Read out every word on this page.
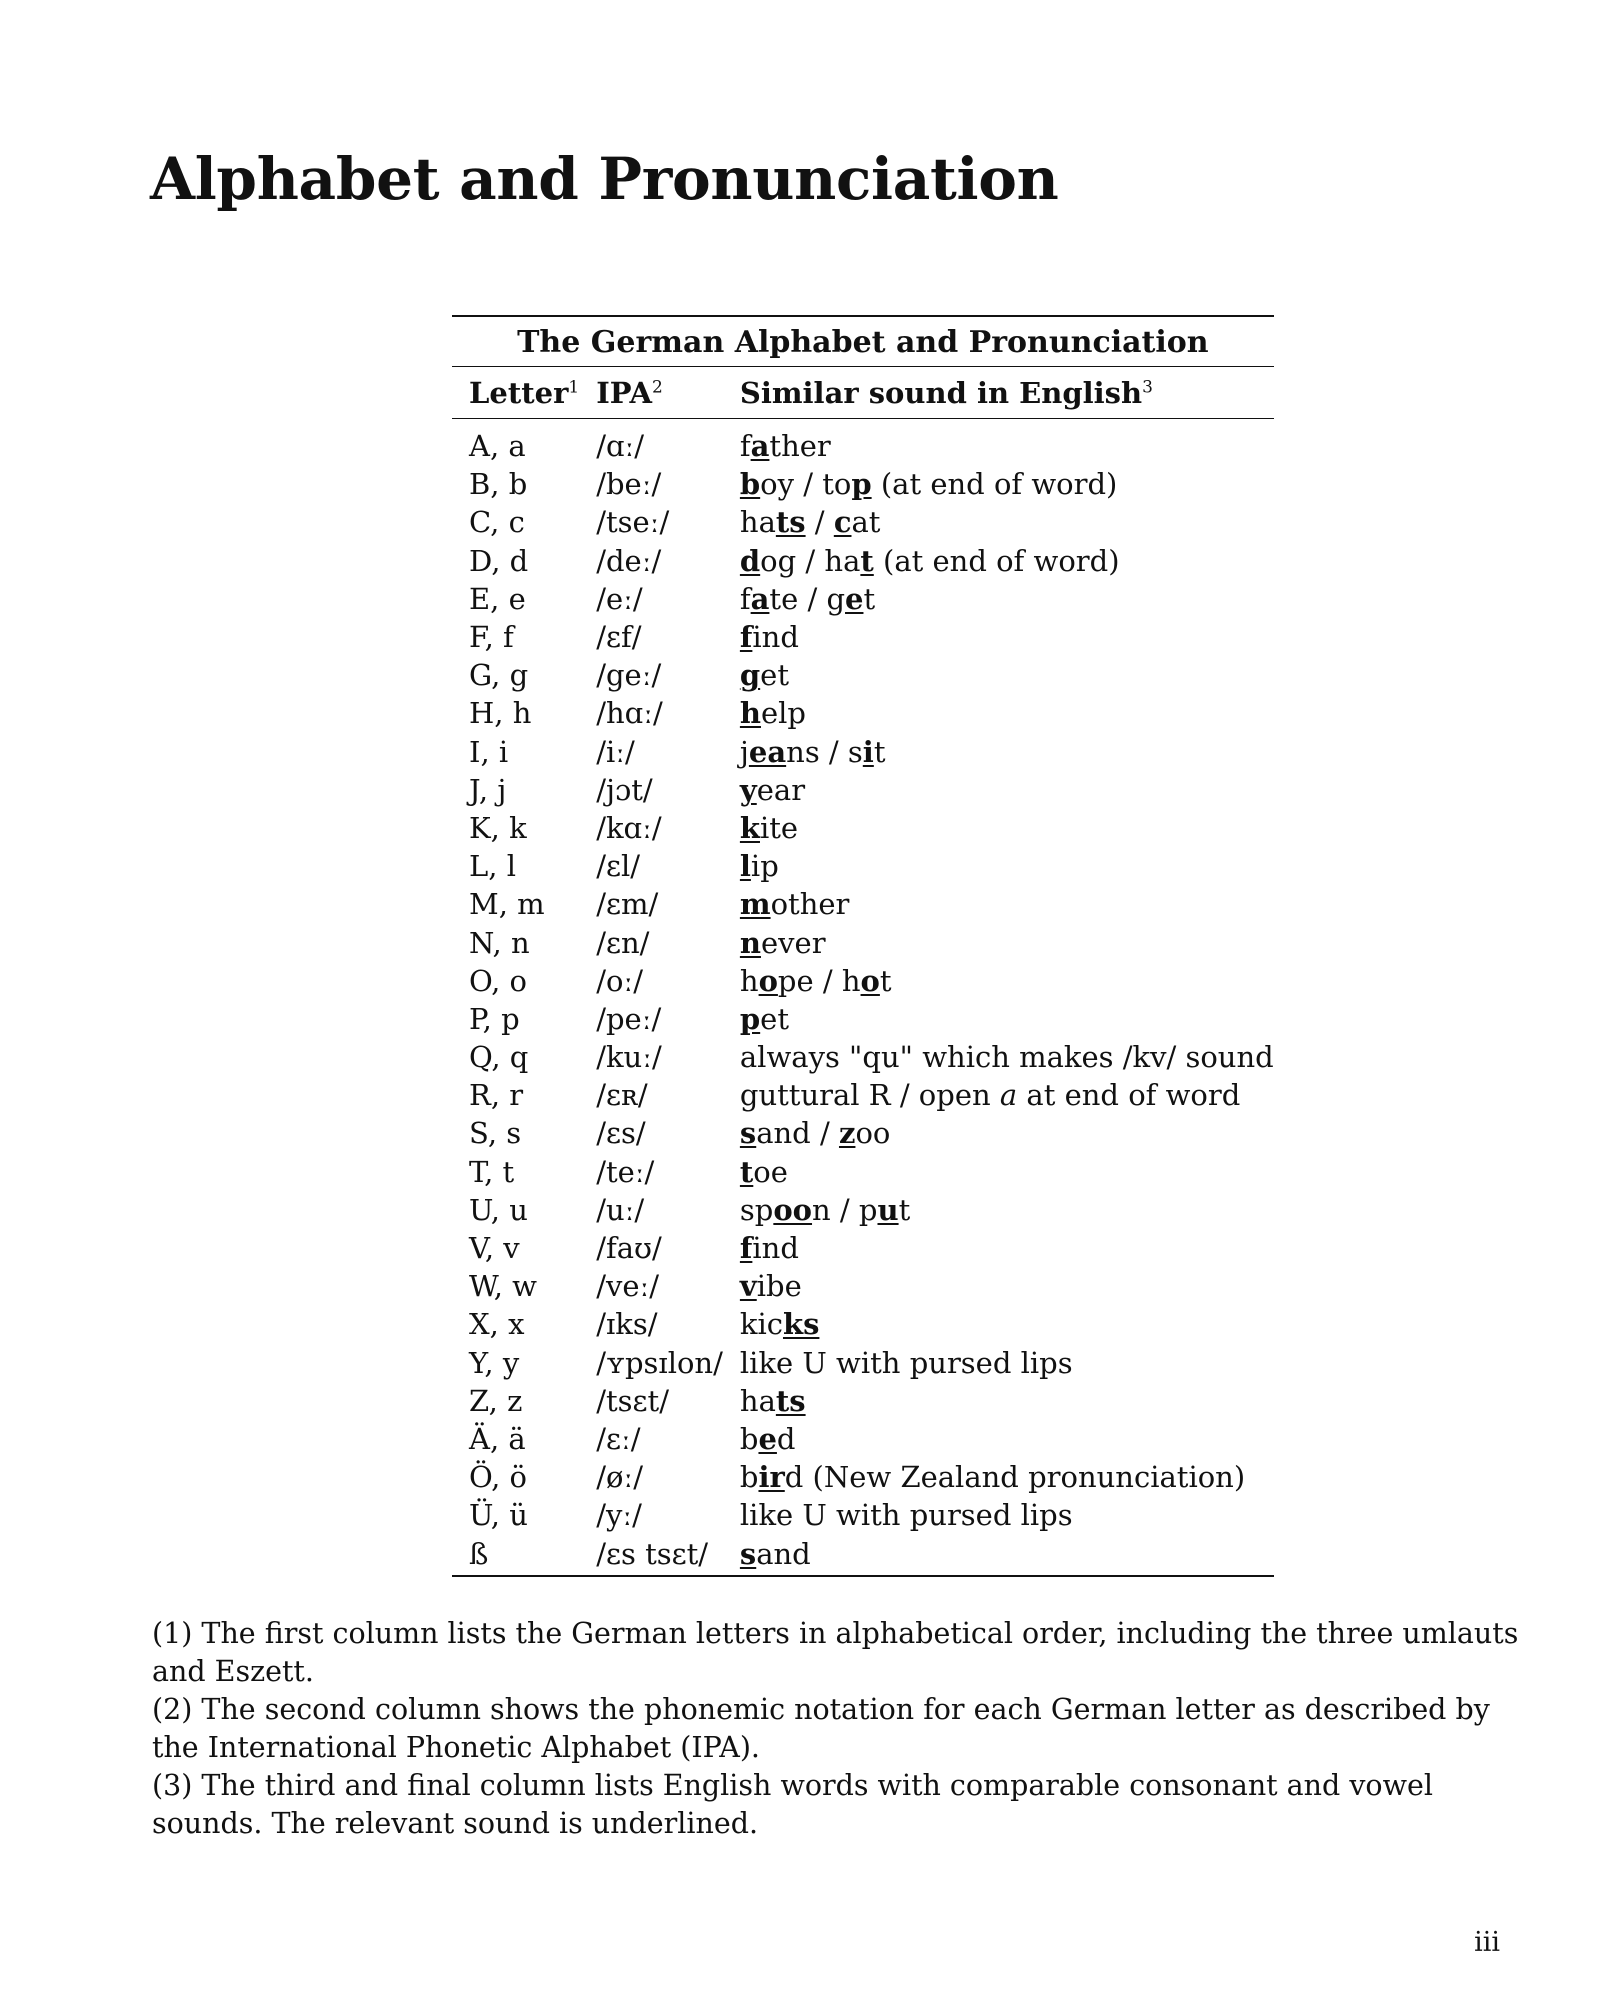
Alphabet and Pronunciation
The German Alphabet and Pronunciation
Letter$^1$	IPA$^2$	Similar sound in English$^3$
A, a	/ɑː/	father
B, b	/beː/	boy / top (at end of word)
C, c	/tseː/	hats / cat
D, d	/deː/	dog / hat (at end of word)
E, e	/eː/	fate / get
F, f	/ɛf/	find
G, g	/geː/	get
H, h	/hɑː/	help
I, i	/iː/	jeans / sit
J, j	/jɔt/	year
K, k	/kɑː/	kite
L, l	/ɛl/	lip
M, m	/ɛm/	mother
N, n	/ɛn/	never
O, o	/oː/	hope / hot
P, p	/peː/	pet
Q, q	/kuː/	always "qu" which makes /kv/ sound
R, r	/ɛʀ/	guttural R / open a at end of word
S, s	/ɛs/	sand / zoo
T, t	/teː/	toe
U, u	/uː/	spoon / put
V, v	/faʊ/	find
W, w	/veː/	vibe
X, x	/ɪks/	kicks
Y, y	/ʏpsɪlon/	like U with pursed lips
Z, z	/tsɛt/	hats
Ä, ä	/ɛː/	bed
Ö, ö	/øː/	bird (New Zealand pronunciation)
Ü, ü	/yː/	like U with pursed lips
ß	/ɛs tsɛt/	sand

(1) The first column lists the German letters in alphabetical order, including the three umlauts and Eszett.

(2) The second column shows the phonemic notation for each German letter as described by the International Phonetic Alphabet (IPA).

(3) The third and final column lists English words with comparable consonant and vowel sounds. The relevant sound is underlined.

iii
